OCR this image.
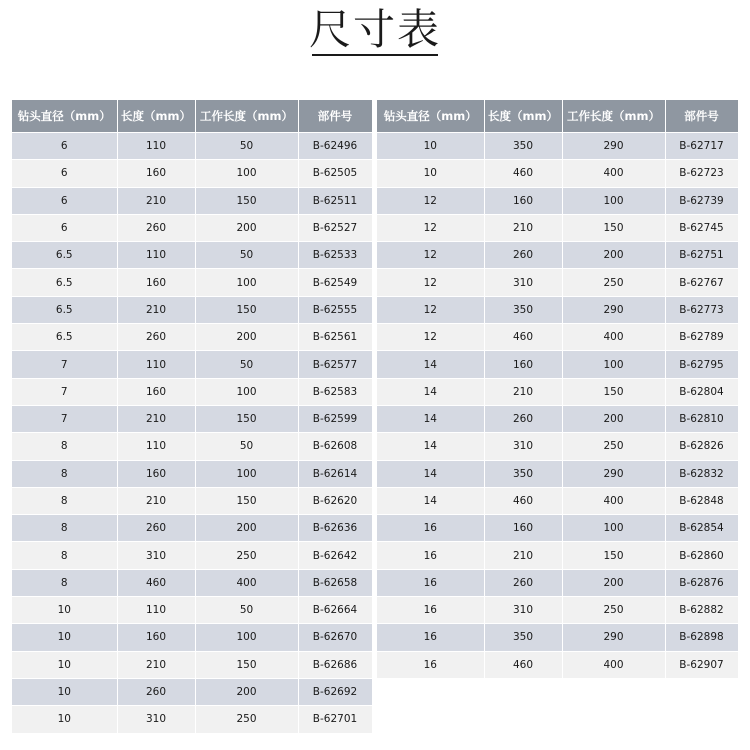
尺寸表
钻头直径（mm）	长度（mm）	工作长度（mm）	部件号
6	110	50	B-62496
6	160	100	B-62505
6	210	150	B-62511
6	260	200	B-62527
6.5	110	50	B-62533
6.5	160	100	B-62549
6.5	210	150	B-62555
6.5	260	200	B-62561
7	110	50	B-62577
7	160	100	B-62583
7	210	150	B-62599
8	110	50	B-62608
8	160	100	B-62614
8	210	150	B-62620
8	260	200	B-62636
8	310	250	B-62642
8	460	400	B-62658
10	110	50	B-62664
10	160	100	B-62670
10	210	150	B-62686
10	260	200	B-62692
10	310	250	B-62701
钻头直径（mm）	长度（mm）	工作长度（mm）	部件号
10	350	290	B-62717
10	460	400	B-62723
12	160	100	B-62739
12	210	150	B-62745
12	260	200	B-62751
12	310	250	B-62767
12	350	290	B-62773
12	460	400	B-62789
14	160	100	B-62795
14	210	150	B-62804
14	260	200	B-62810
14	310	250	B-62826
14	350	290	B-62832
14	460	400	B-62848
16	160	100	B-62854
16	210	150	B-62860
16	260	200	B-62876
16	310	250	B-62882
16	350	290	B-62898
16	460	400	B-62907
